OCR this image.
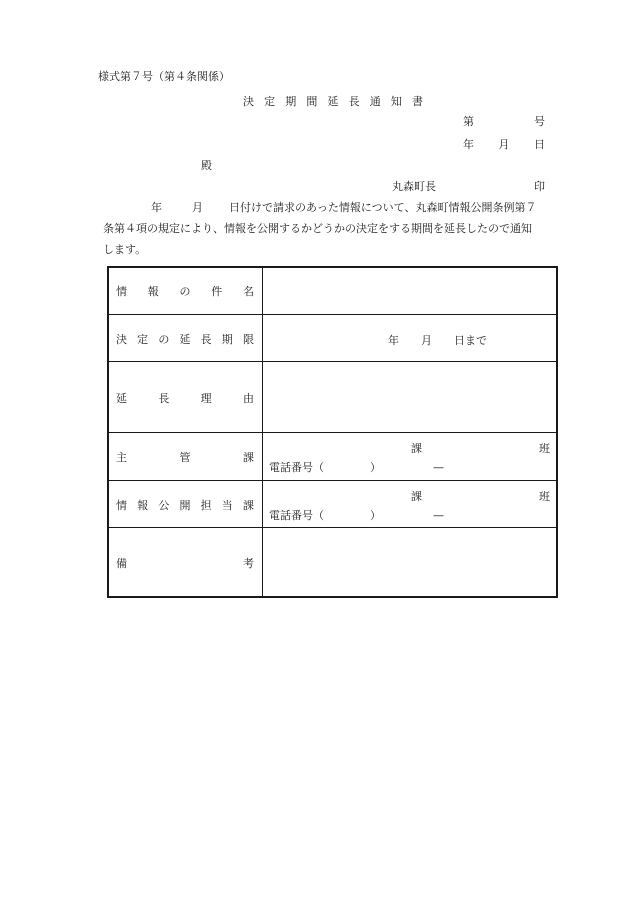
様式第７号（第４条関係）
決 定 期 間 延 長 通 知 書
第	号
年 月 日
殿
丸森町長	印
年	月 日付けで請求のあった情報について、丸森町情報公開条例第７
条第４項の規定により、情報を公開するかどうかの決定をする期間を延長したので通知
します。
情 報 の 件 名
決 定 の 延 長 期 限	年 月 日まで
延	長	理	由
主	管	課
課	班
電話番号（	）	—
情 報 公 開 担 当 課
課	班
電話番号（	）	—
備	考
